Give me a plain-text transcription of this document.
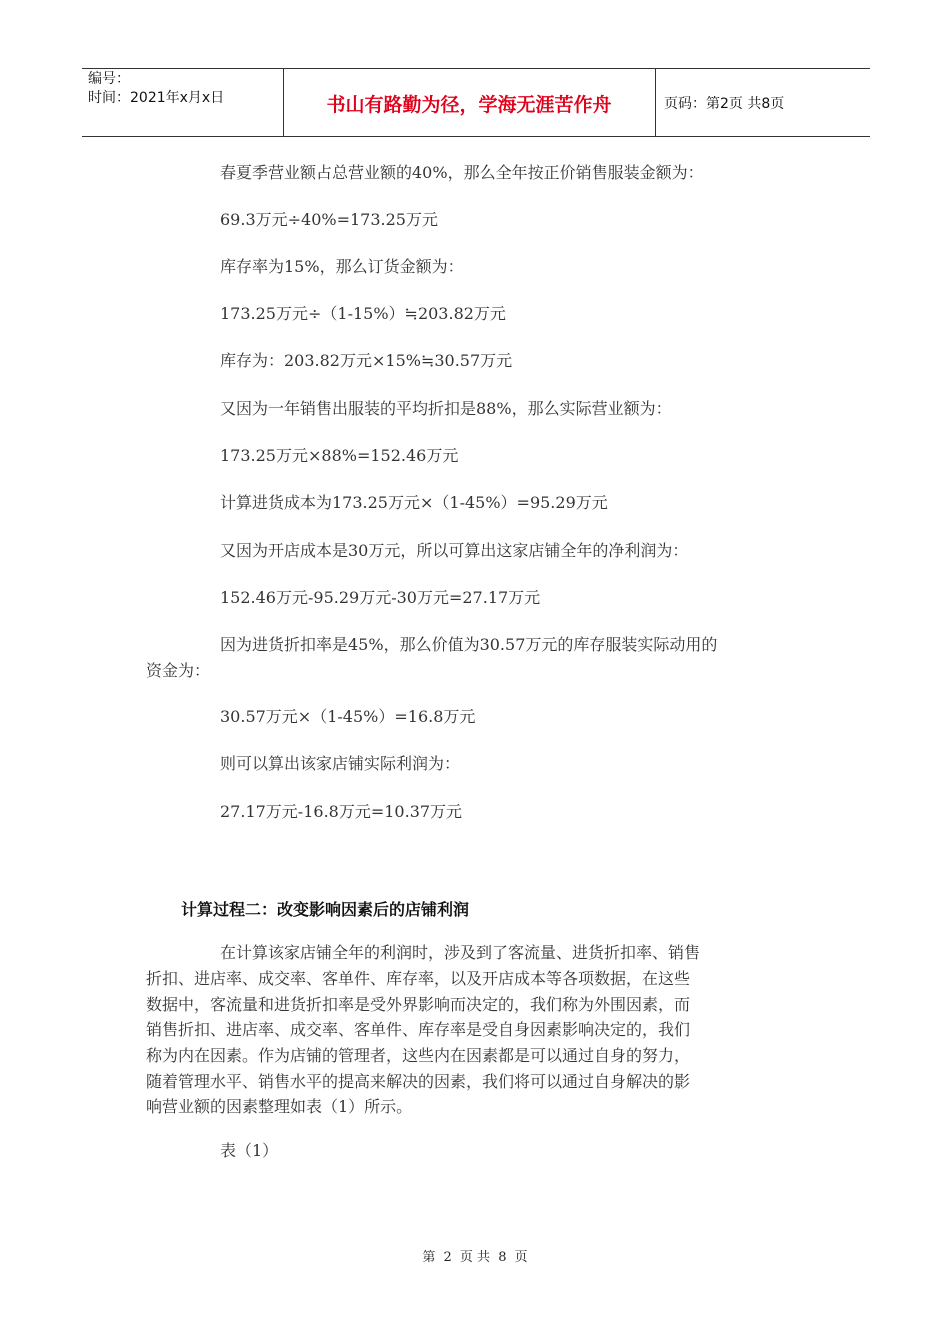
编号：
时间：2021年x月x日	书山有路勤为径，学海无涯苦作舟	页码：第2页 共8页
春夏季营业额占总营业额的40%，那么全年按正价销售服装金额为：
69.3万元÷40%=173.25万元
库存率为15%，那么订货金额为：
173.25万元÷（1-15%）≒203.82万元
库存为：203.82万元×15%≒30.57万元
又因为一年销售出服装的平均折扣是88%，那么实际营业额为：
173.25万元×88%=152.46万元
计算进货成本为173.25万元×（1-45%）=95.29万元
又因为开店成本是30万元，所以可算出这家店铺全年的净利润为：
152.46万元-95.29万元-30万元=27.17万元
因为进货折扣率是45%，那么价值为30.57万元的库存服装实际动用的
资金为：
30.57万元×（1-45%）=16.8万元
则可以算出该家店铺实际利润为：
27.17万元-16.8万元=10.37万元
计算过程二：改变影响因素后的店铺利润
在计算该家店铺全年的利润时，涉及到了客流量、进货折扣率、销售
折扣、进店率、成交率、客单件、库存率，以及开店成本等各项数据，在这些
数据中，客流量和进货折扣率是受外界影响而决定的，我们称为外围因素，而
销售折扣、进店率、成交率、客单件、库存率是受自身因素影响决定的，我们
称为内在因素。作为店铺的管理者，这些内在因素都是可以通过自身的努力，
随着管理水平、销售水平的提高来解决的因素，我们将可以通过自身解决的影
响营业额的因素整理如表（1）所示。
表（1）
第 2 页 共 8 页
